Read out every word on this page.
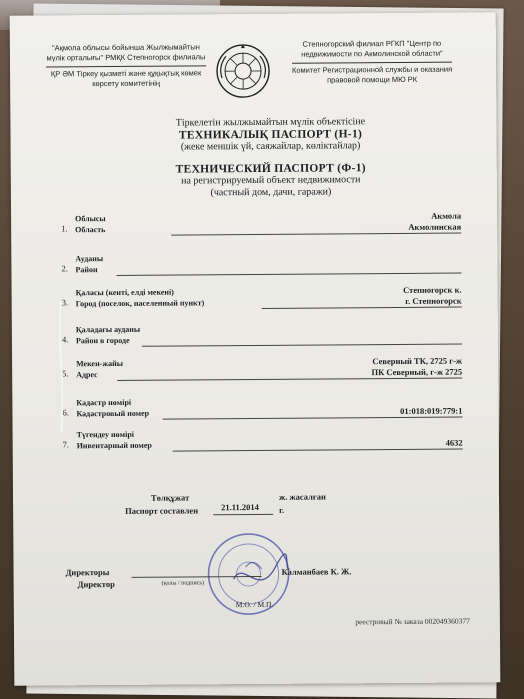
"Ақмола облысы бойынша Жылжымайтын
мүлік орталығы" РМҚК Степногорск филиалы
ҚР ӘМ Тіркеу қызметі және құқықтық көмек
көрсету комитетінің
Степногорский филиал РГКП "Центр по
недвижимости по Акмолинской области"
Комитет Регистрационной службы и оказания
правовой помощи МЮ РК
Тіркелетін жылжымайтын мүлік объектісіне
ТЕХНИКАЛЫҚ ПАСПОРТ (Н-1)
(жеке меншік үй, саяжайлар, көліктайлар)
ТЕХНИЧЕСКИЙ ПАСПОРТ (Ф-1)
на регистрируемый объект недвижимости
(частный дом, дачи, гаражи)
1.
Облысы
Область
Акмола
Акмолинская
2.
Ауданы
Район
3.
Қаласы (кенті, елді мекені)
Город (поселок, населенный пункт)
Степногорск к.
г. Степногорск
4.
Қаладағы ауданы
Район в городе
5.
Мекен-жайы
Адрес
Северный ТК, 2725 г-ж
ПК Северный, г-ж 2725
6.
Кадастр нөмірі
Кадастровый номер	01:018:019:779:1
7.
Түгендеу нөмірі
Инвентарный номер	4632
Төлқұжат
Паспорт составлен	21.11.2014
ж. жасалған
г.
Директоры
Директор	(қолы / подпись)
Калманбаев К. Ж.
М.О. / М.П.
реестровый № заказа 002049360377
